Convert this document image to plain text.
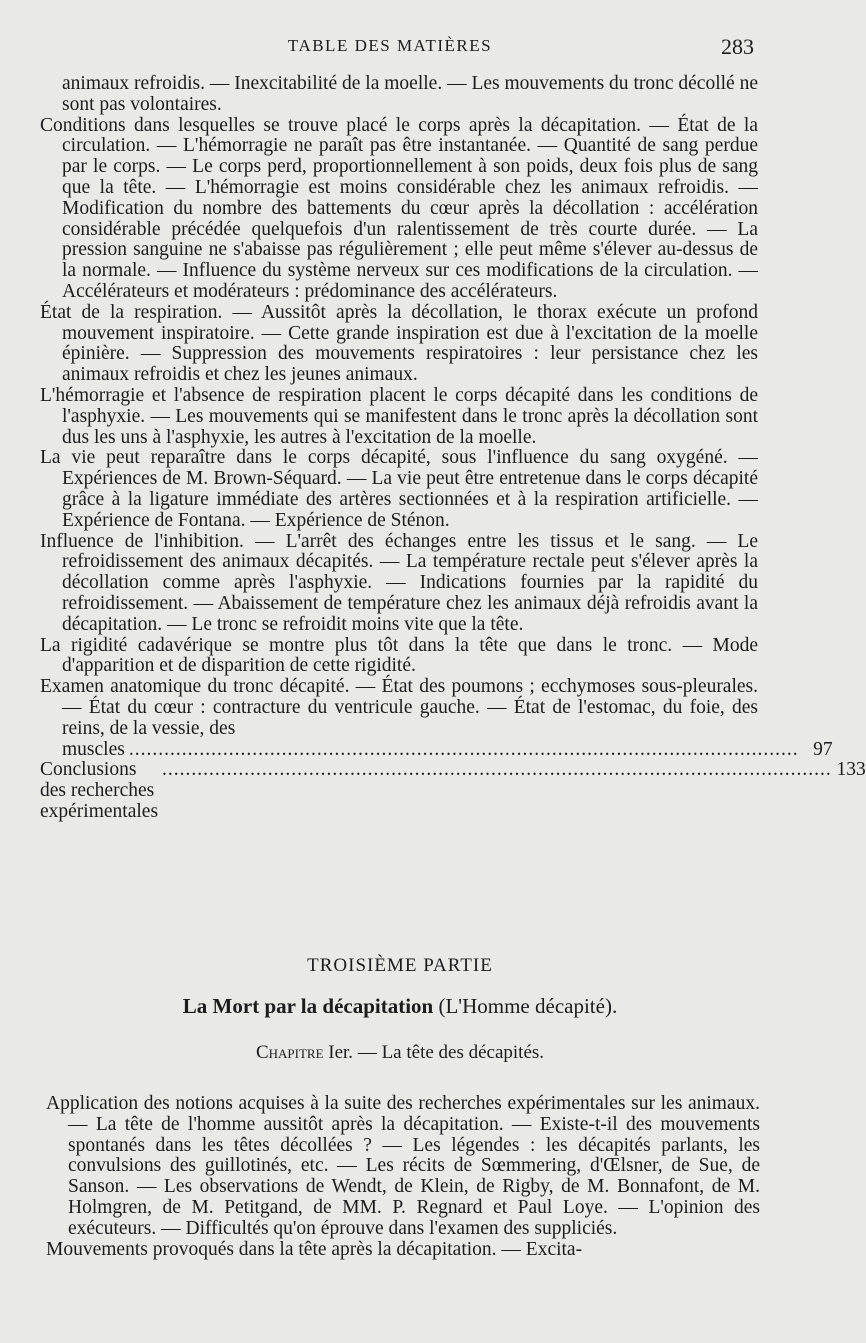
TABLE DES MATIÈRES	283

animaux refroidis. — Inexcitabilité de la moelle. — Les mouvements du tronc décollé ne sont pas volontaires.

Conditions dans lesquelles se trouve placé le corps après la décapitation. — État de la circulation. — L'hémorragie ne paraît pas être instantanée. — Quantité de sang perdue par le corps. — Le corps perd, proportionnellement à son poids, deux fois plus de sang que la tête. — L'hémorragie est moins considérable chez les animaux refroidis. — Modification du nombre des battements du cœur après la décollation : accélération considérable précédée quelquefois d'un ralentissement de très courte durée. — La pression sanguine ne s'abaisse pas régulièrement ; elle peut même s'élever au-dessus de la normale. — Influence du système nerveux sur ces modifications de la circulation. — Accélérateurs et modérateurs : prédominance des accélérateurs.

État de la respiration. — Aussitôt après la décollation, le thorax exécute un profond mouvement inspiratoire. — Cette grande inspiration est due à l'excitation de la moelle épinière. — Suppression des mouvements respiratoires : leur persistance chez les animaux refroidis et chez les jeunes animaux.

L'hémorragie et l'absence de respiration placent le corps décapité dans les conditions de l'asphyxie. — Les mouvements qui se manifestent dans le tronc après la décollation sont dus les uns à l'asphyxie, les autres à l'excitation de la moelle.

La vie peut reparaître dans le corps décapité, sous l'influence du sang oxygéné. — Expériences de M. Brown-Séquard. — La vie peut être entretenue dans le corps décapité grâce à la ligature immédiate des artères sectionnées et à la respiration artificielle. — Expérience de Fontana. — Expérience de Sténon.

Influence de l'inhibition. — L'arrêt des échanges entre les tissus et le sang. — Le refroidissement des animaux décapités. — La température rectale peut s'élever après la décollation comme après l'asphyxie. — Indications fournies par la rapidité du refroidissement. — Abaissement de température chez les animaux déjà refroidis avant la décapitation. — Le tronc se refroidit moins vite que la tête.

La rigidité cadavérique se montre plus tôt dans la tête que dans le tronc. — Mode d'apparition et de disparition de cette rigidité.

Examen anatomique du tronc décapité. — État des poumons ; ecchymoses sous-pleurales. — État du cœur : contracture du ventricule gauche. — État de l'estomac, du foie, des reins, de la vessie, des

muscles .................................................................................................................. 97
Conclusions des recherches expérimentales
.................................................................................................................. 133
TROISIÈME PARTIE
La Mort par la décapitation (L'Homme décapité).
Chapitre Ier. — La tête des décapités.

Application des notions acquises à la suite des recherches expérimentales sur les animaux. — La tête de l'homme aussitôt après la décapitation. — Existe-t-il des mouvements spontanés dans les têtes décollées ? — Les légendes : les décapités parlants, les convulsions des guillotinés, etc. — Les récits de Sœmmering, d'Œlsner, de Sue, de Sanson. — Les observations de Wendt, de Klein, de Rigby, de M. Bonnafont, de M. Holmgren, de M. Petitgand, de MM. P. Regnard et Paul Loye. — L'opinion des exécuteurs. — Difficultés qu'on éprouve dans l'examen des suppliciés.

Mouvements provoqués dans la tête après la décapitation. — Excita-
